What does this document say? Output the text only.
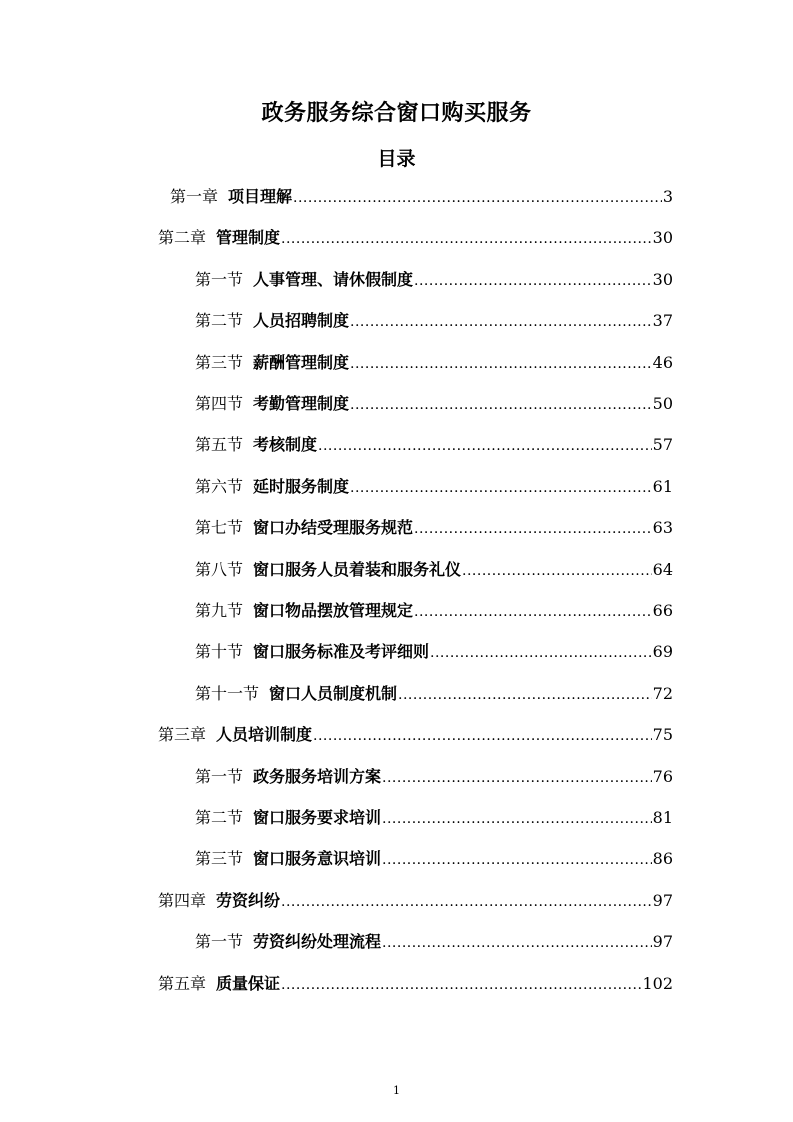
政务服务综合窗口购买服务
目录
第一章 项目理解 .....	3
第二章 管理制度 .....	30
第一节 人事管理、请休假制度 .....	30
第二节 人员招聘制度 .....	37
第三节 薪酬管理制度 .....	46
第四节 考勤管理制度 .....	50
第五节 考核制度 .....	57
第六节 延时服务制度 .....	61
第七节 窗口办结受理服务规范 .....	63
第八节 窗口服务人员着装和服务礼仪 .....	64
第九节 窗口物品摆放管理规定 .....	66
第十节 窗口服务标准及考评细则 .....	69
第十一节 窗口人员制度机制 .....	72
第三章 人员培训制度 .....	75
第一节 政务服务培训方案 .....	76
第二节 窗口服务要求培训 .....	81
第三节 窗口服务意识培训 .....	86
第四章 劳资纠纷 .....	97
第一节 劳资纠纷处理流程 .....	97
第五章 质量保证 .....	102
1
